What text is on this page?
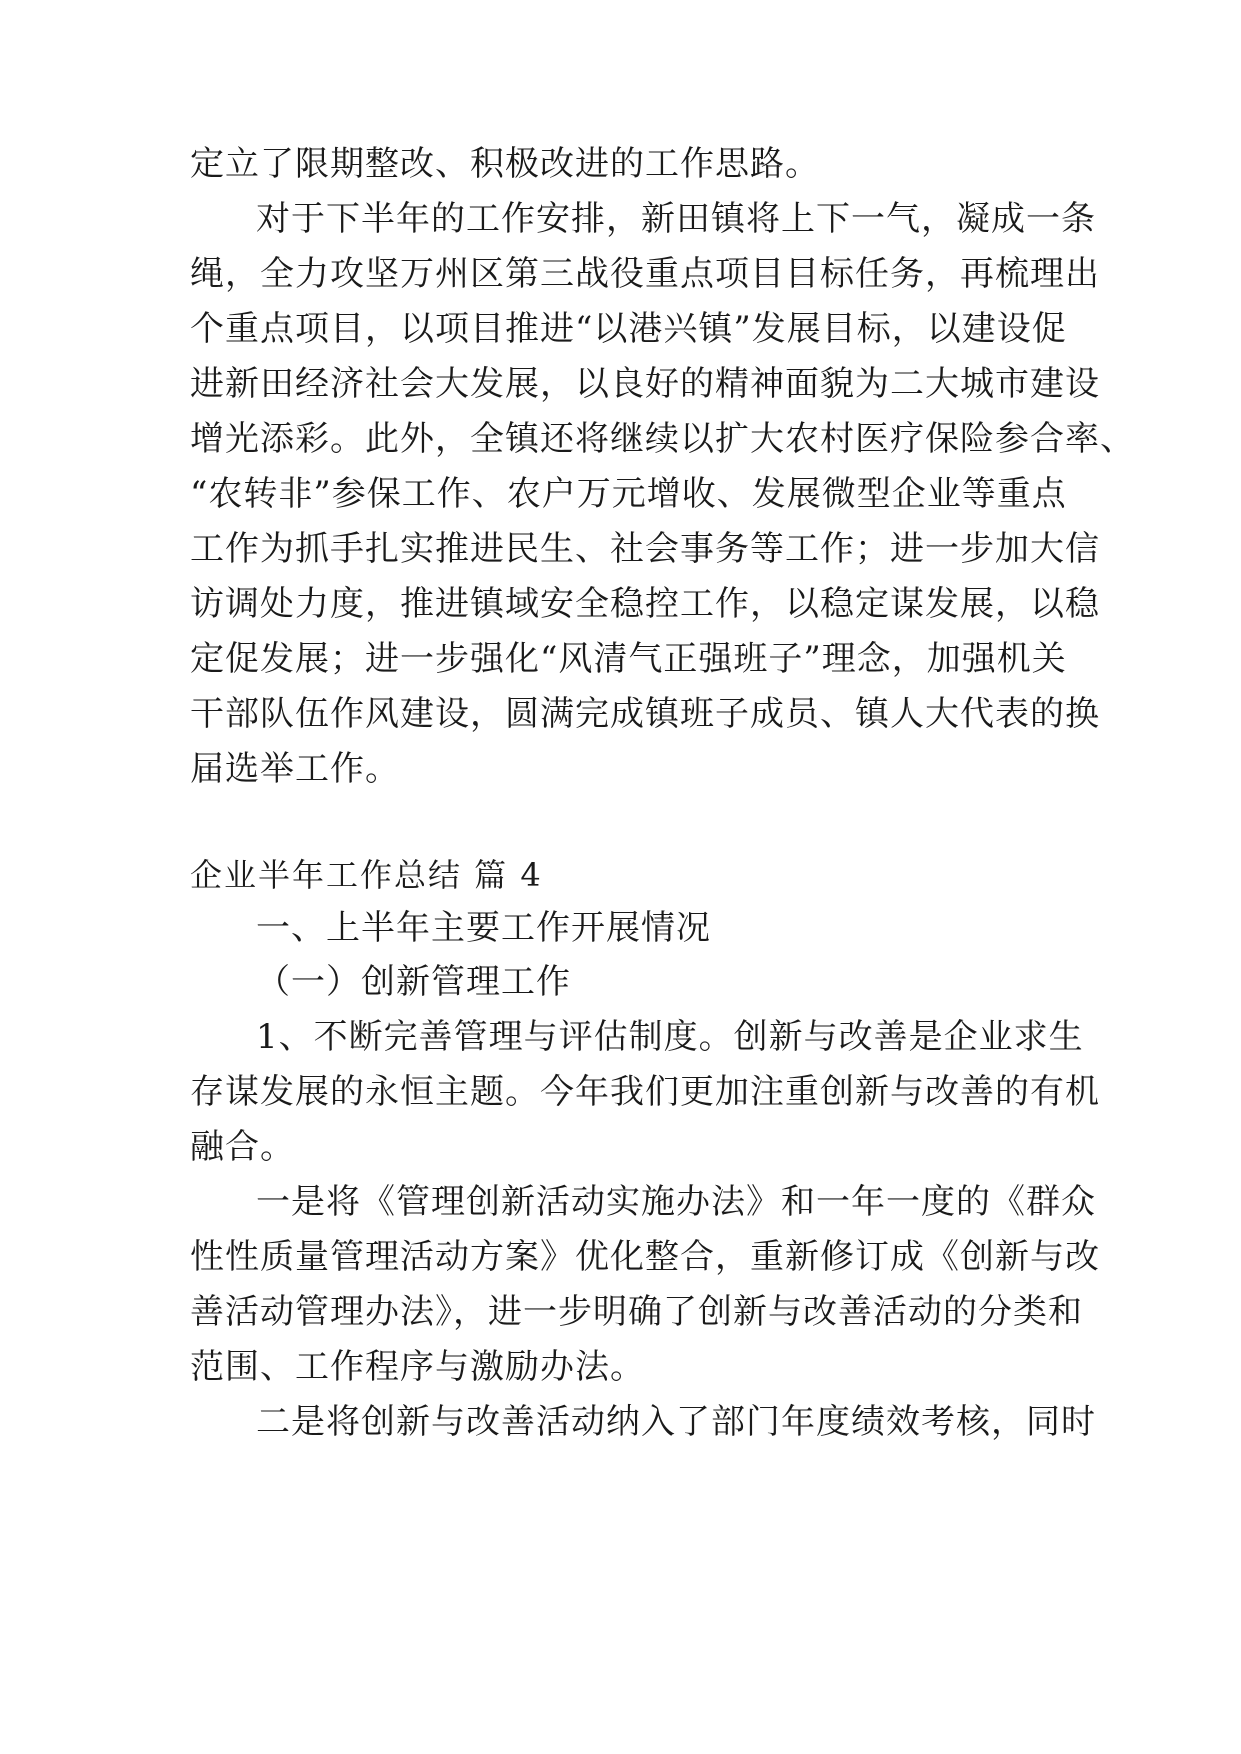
定立了限期整改、积极改进的工作思路。
对于下半年的工作安排，新田镇将上下一气，凝成一条
绳，全力攻坚万州区第三战役重点项目目标任务，再梳理出
个重点项目，以项目推进“以港兴镇”发展目标，以建设促
进新田经济社会大发展，以良好的精神面貌为二大城市建设
增光添彩。此外，全镇还将继续以扩大农村医疗保险参合率、
“农转非”参保工作、农户万元增收、发展微型企业等重点
工作为抓手扎实推进民生、社会事务等工作；进一步加大信
访调处力度，推进镇域安全稳控工作，以稳定谋发展，以稳
定促发展；进一步强化“风清气正强班子”理念，加强机关
干部队伍作风建设，圆满完成镇班子成员、镇人大代表的换
届选举工作。
企业半年工作总结 篇 4
一、上半年主要工作开展情况
（一）创新管理工作
1、不断完善管理与评估制度。创新与改善是企业求生
存谋发展的永恒主题。今年我们更加注重创新与改善的有机
融合。
一是将《管理创新活动实施办法》和一年一度的《群众
性性质量管理活动方案》优化整合，重新修订成《创新与改
善活动管理办法》，进一步明确了创新与改善活动的分类和
范围、工作程序与激励办法。
二是将创新与改善活动纳入了部门年度绩效考核，同时
